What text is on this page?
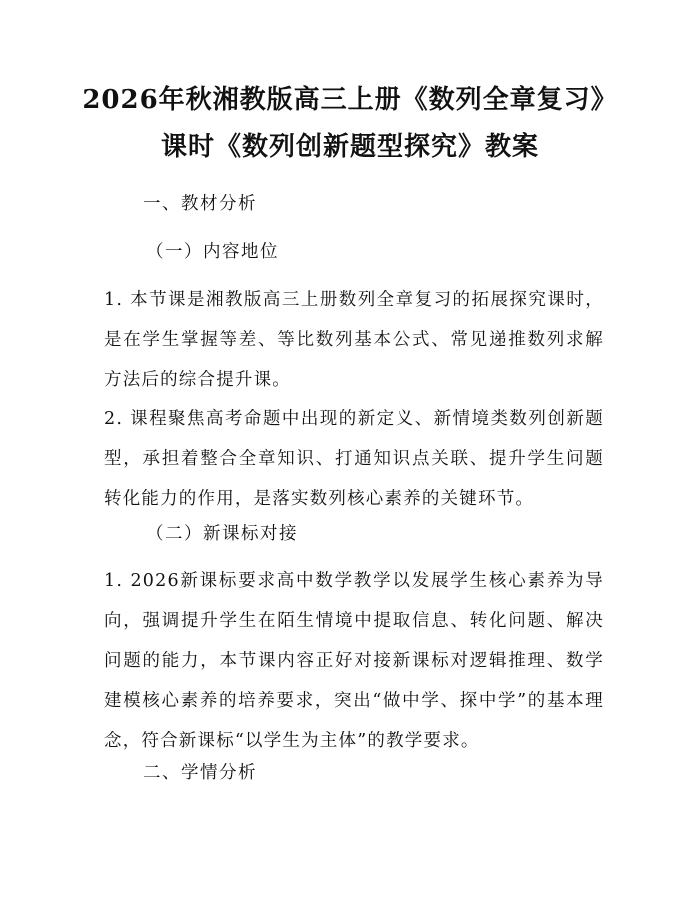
2026年秋湘教版高三上册《数列全章复习》
课时《数列创新题型探究》教案
一、教材分析
（一）内容地位
1. 本节课是湘教版高三上册数列全章复习的拓展探究课时，是在学生掌握等差、等比数列基本公式、常见递推数列求解方法后的综合提升课。
2. 课程聚焦高考命题中出现的新定义、新情境类数列创新题型，承担着整合全章知识、打通知识点关联、提升学生问题转化能力的作用，是落实数列核心素养的关键环节。
（二）新课标对接
1. 2026新课标要求高中数学教学以发展学生核心素养为导向，强调提升学生在陌生情境中提取信息、转化问题、解决问题的能力，本节课内容正好对接新课标对逻辑推理、数学建模核心素养的培养要求，突出“做中学、探中学”的基本理念，符合新课标“以学生为主体”的教学要求。
二、学情分析
